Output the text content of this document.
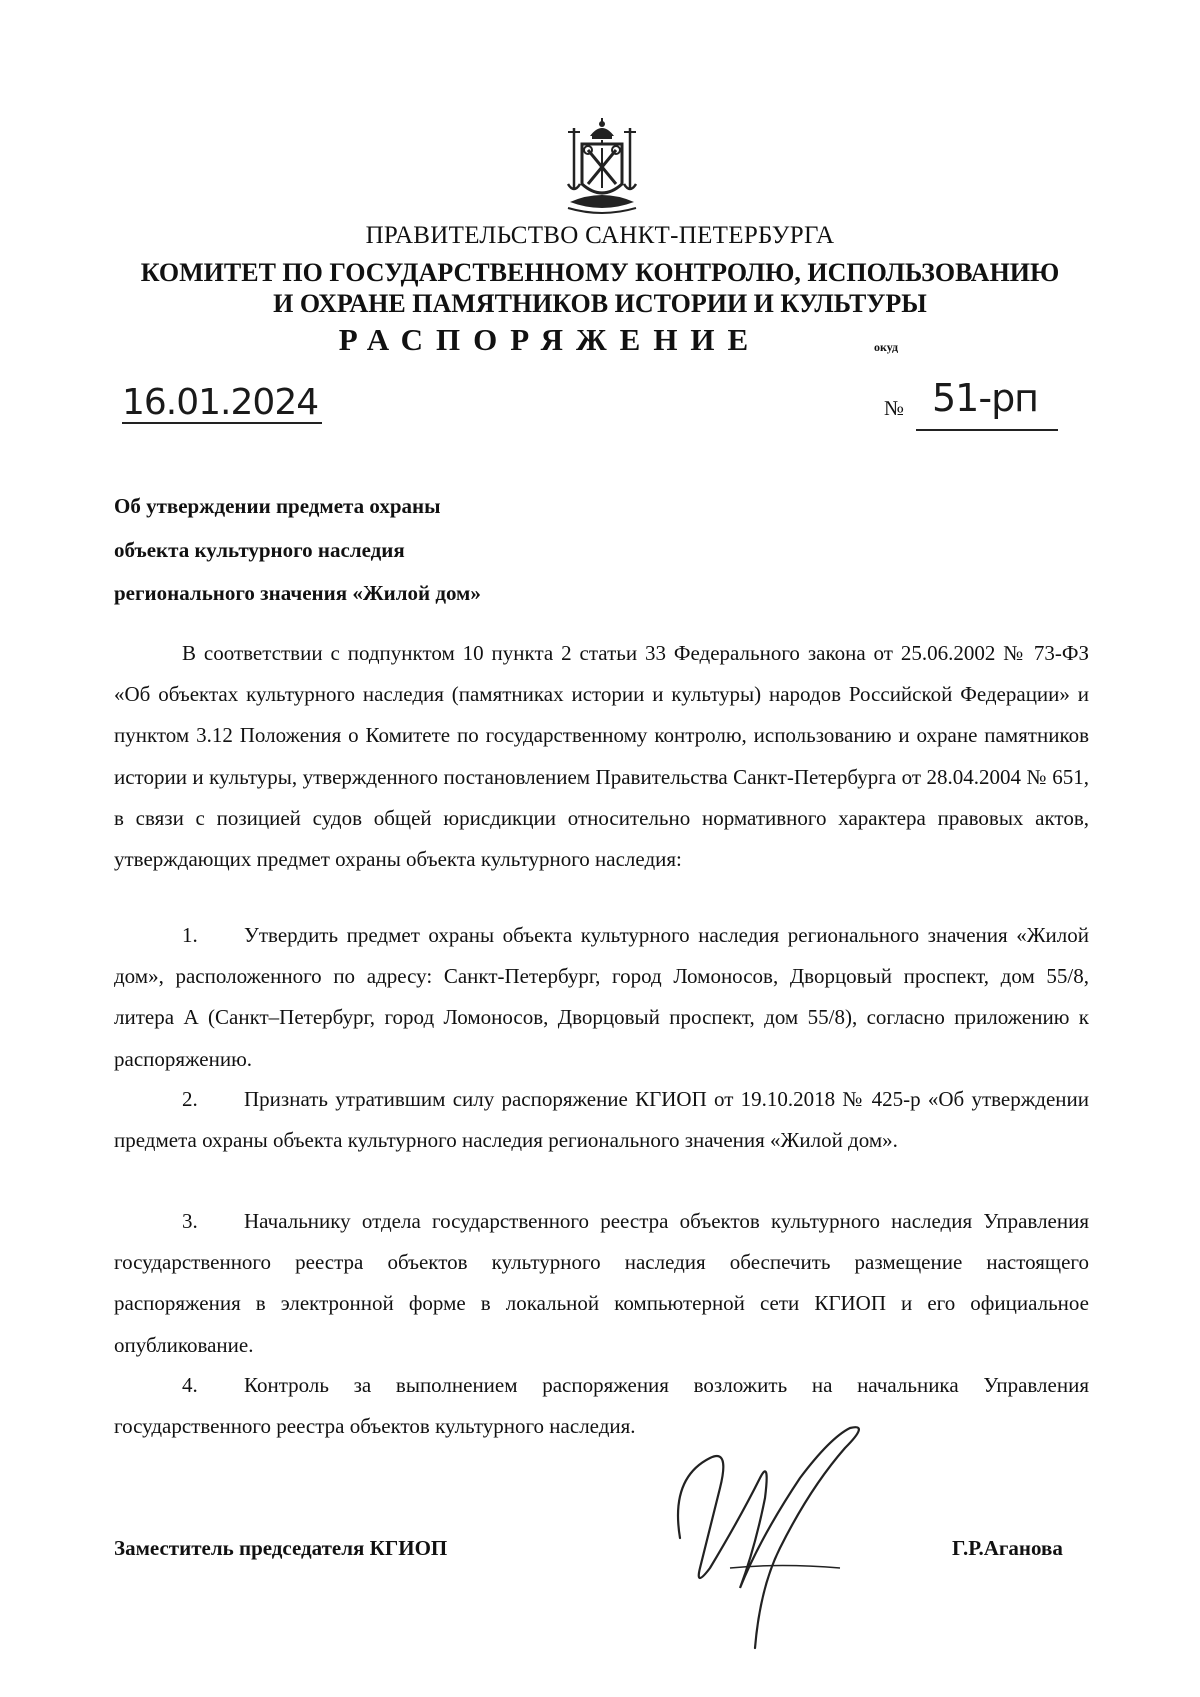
ПРАВИТЕЛЬСТВО САНКТ-ПЕТЕРБУРГА
КОМИТЕТ ПО ГОСУДАРСТВЕННОМУ КОНТРОЛЮ, ИСПОЛЬЗОВАНИЮ
И ОХРАНЕ ПАМЯТНИКОВ ИСТОРИИ И КУЛЬТУРЫ
РАСПОРЯЖЕНИЕ	окуд
16.01.2024	№ 51-рп
Об утверждении предмета охраны
объекта культурного наследия
регионального значения «Жилой дом»
В соответствии с подпунктом 10 пункта 2 статьи 33 Федерального закона от 25.06.2002 № 73-ФЗ «Об объектах культурного наследия (памятниках истории и культуры) народов Российской Федерации» и пунктом 3.12 Положения о Комитете по государственному контролю, использованию и охране памятников истории и культуры, утвержденного постановлением Правительства Санкт-Петербурга от 28.04.2004 № 651, в связи с позицией судов общей юрисдикции относительно нормативного характера правовых актов, утверждающих предмет охраны объекта культурного наследия:
1. Утвердить предмет охраны объекта культурного наследия регионального значения «Жилой дом», расположенного по адресу: Санкт-Петербург, город Ломоносов, Дворцовый проспект, дом 55/8, литера А (Санкт–Петербург, город Ломоносов, Дворцовый проспект, дом 55/8), согласно приложению к распоряжению.
2. Признать утратившим силу распоряжение КГИОП от 19.10.2018 № 425-р «Об утверждении предмета охраны объекта культурного наследия регионального значения «Жилой дом».
3. Начальнику отдела государственного реестра объектов культурного наследия Управления государственного реестра объектов культурного наследия обеспечить размещение настоящего распоряжения в электронной форме в локальной компьютерной сети КГИОП и его официальное опубликование.
4. Контроль за выполнением распоряжения возложить на начальника Управления государственного реестра объектов культурного наследия.
Заместитель председателя КГИОП	Г.Р.Аганова
